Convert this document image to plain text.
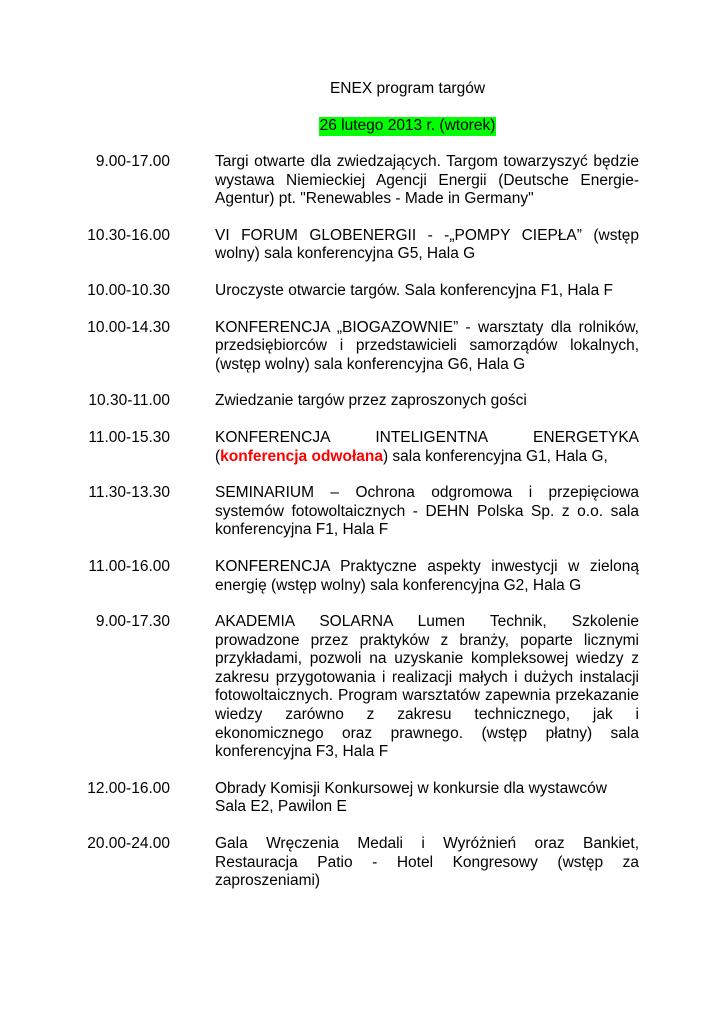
ENEX program targów
26 lutego 2013 r. (wtorek)
9.00-17.00	Targi otwarte dla zwiedzających. Targom towarzyszyć będzie wystawa Niemieckiej Agencji Energii (Deutsche Energie-Agentur) pt. "Renewables - Made in Germany"
10.30-16.00	VI FORUM GLOBENERGII - -„POMPY CIEPŁA” (wstęp wolny) sala konferencyjna G5, Hala G
10.00-10.30	Uroczyste otwarcie targów. Sala konferencyjna F1, Hala F
10.00-14.30	KONFERENCJA „BIOGAZOWNIE” - warsztaty dla rolników, przedsiębiorców i przedstawicieli samorządów lokalnych, (wstęp wolny) sala konferencyjna G6, Hala G
10.30-11.00	Zwiedzanie targów przez zaproszonych gości
11.00-15.30	KONFERENCJA INTELIGENTNA ENERGETYKA
(konferencja odwołana) sala konferencyjna G1, Hala G,
11.30-13.30	SEMINARIUM – Ochrona odgromowa i przepięciowa systemów fotowoltaicznych - DEHN Polska Sp. z o.o. sala konferencyjna F1, Hala F
11.00-16.00	KONFERENCJA Praktyczne aspekty inwestycji w zieloną energię (wstęp wolny) sala konferencyjna G2, Hala G
9.00-17.30	AKADEMIA SOLARNA Lumen Technik, Szkolenie prowadzone przez praktyków z branży, poparte licznymi przykładami, pozwoli na uzyskanie kompleksowej wiedzy z zakresu przygotowania i realizacji małych i dużych instalacji fotowoltaicznych. Program warsztatów zapewnia przekazanie wiedzy zarówno z zakresu technicznego, jak i ekonomicznego oraz prawnego. (wstęp płatny) sala konferencyjna F3, Hala F
12.00-16.00	Obrady Komisji Konkursowej w konkursie dla wystawców
Sala E2, Pawilon E
20.00-24.00	Gala Wręczenia Medali i Wyróżnień oraz Bankiet, Restauracja Patio - Hotel Kongresowy (wstęp za zaproszeniami)
